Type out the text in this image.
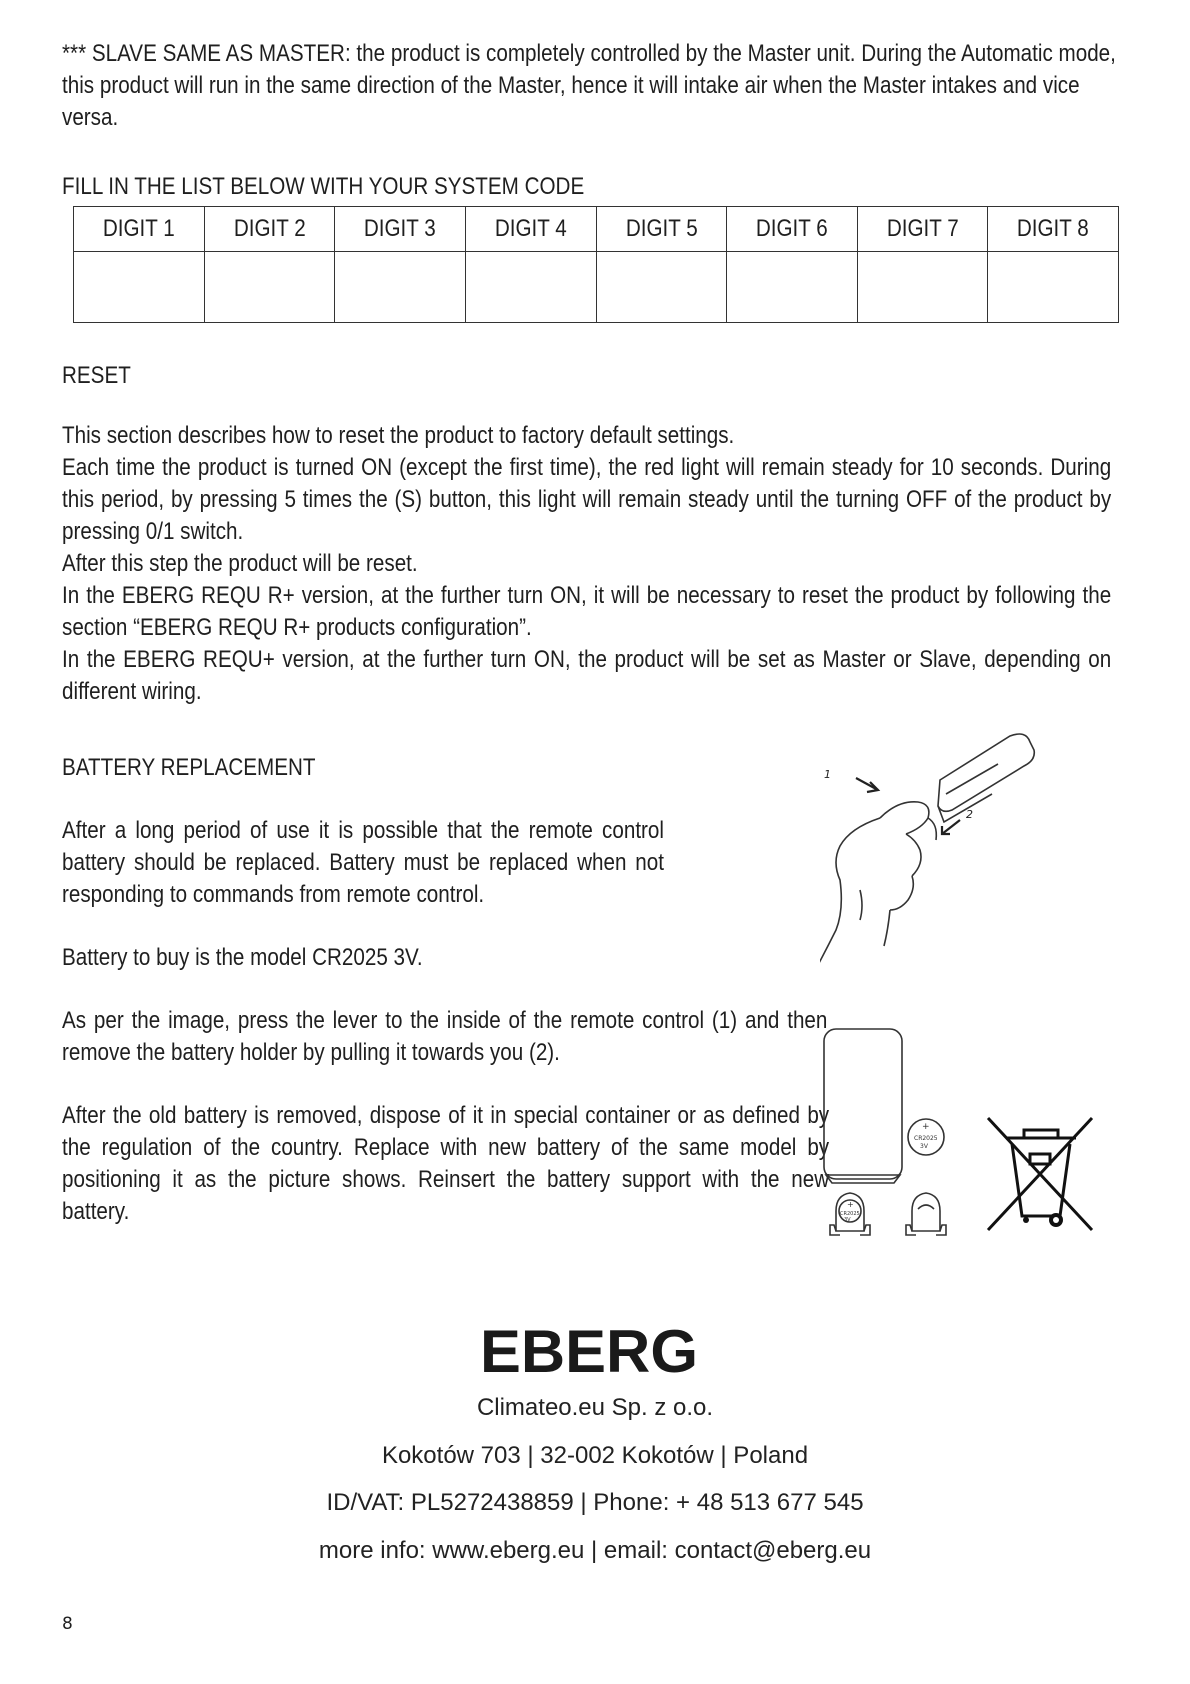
*** SLAVE SAME AS MASTER: the product is completely controlled by the Master unit. During the Automatic mode,
this product will run in the same direction of the Master, hence it will intake air when the Master intakes and vice
versa.
FILL IN THE LIST BELOW WITH YOUR SYSTEM CODE
DIGIT 1	DIGIT 2	DIGIT 3	DIGIT 4	DIGIT 5	DIGIT 6	DIGIT 7	DIGIT 8

RESET

This section describes how to reset the product to factory default settings.

Each time the product is turned ON (except the first time), the red light will remain steady for 10 seconds. During this period, by pressing 5 times the (S) button, this light will remain steady until the turning OFF of the product by pressing 0/1 switch.

After this step the product will be reset.

In the EBERG REQU R+ version, at the further turn ON, it will be necessary to reset the product by following the section “EBERG REQU R+ products configuration”.

In the EBERG REQU+ version, at the further turn ON, the product will be set as Master or Slave, depending on different wiring.

BATTERY REPLACEMENT

After a long period of use it is possible that the remote control battery should be replaced. Battery must be replaced when not responding to commands from remote control.

Battery to buy is the model CR2025 3V.

As per the image, press the lever to the inside of the remote control (1) and then remove the battery holder by pulling it towards you (2).

After the old battery is removed, dispose of it in special container or as defined by the regulation of the country. Replace with new battery of the same model by positioning it as the picture shows. Reinsert the battery support with the new battery.

1
2
+
CR2025
3V
+
CR2025
3V
EBERG
Climateo.eu Sp. z o.o.
Kokotów 703 | 32-002 Kokotów | Poland
ID/VAT: PL5272438859 | Phone: + 48 513 677 545
more info: www.eberg.eu | email: contact@eberg.eu
8
